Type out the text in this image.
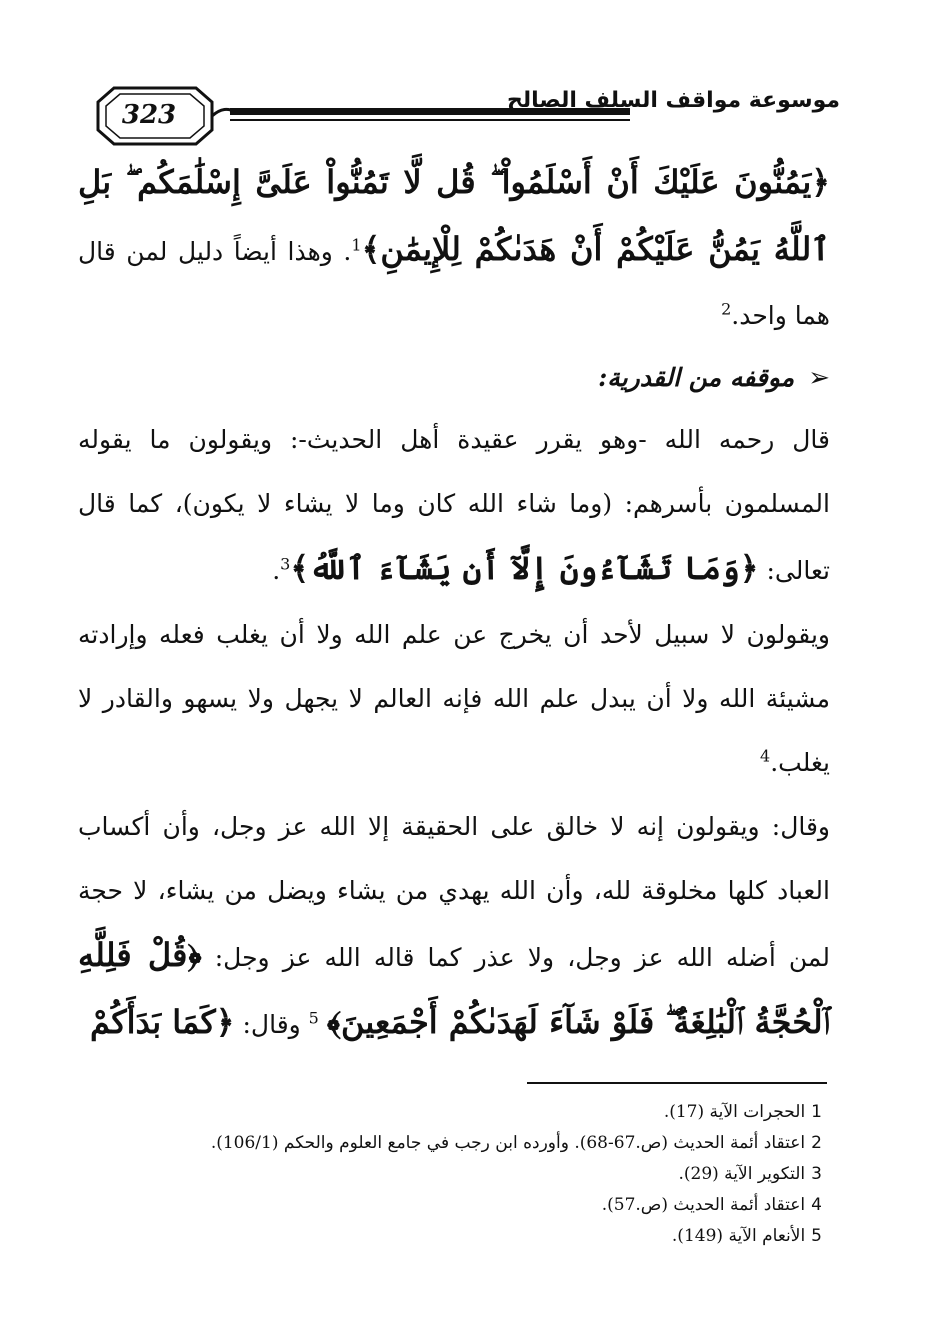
323	موسوعة مواقف السلف الصالح

﴿يَمُنُّونَ عَلَيْكَ أَنْ أَسْلَمُواْ ۖ قُل لَّا تَمُنُّواْ عَلَىَّ إِسْلَٰمَكُم ۖ بَلِ ٱللَّهُ يَمُنُّ عَلَيْكُمْ أَنْ هَدَىٰكُمْ لِلْإِيمَٰنِ﴾$^1$. وهذا أيضاً دليل لمن قال هما واحد.$^2$

➢موقفه من القدرية:

قال رحمه الله -وهو يقرر عقيدة أهل الحديث-: ويقولون ما يقوله المسلمون بأسرهم: (وما شاء الله كان وما لا يشاء لا يكون)، كما قال تعالى: ﴿وَمَا تَشَآءُونَ إِلَّآ أَن يَشَآءَ ٱللَّهُ﴾$^3$.

ويقولون لا سبيل لأحد أن يخرج عن علم الله ولا أن يغلب فعله وإرادته مشيئة الله ولا أن يبدل علم الله فإنه العالم لا يجهل ولا يسهو والقادر لا يغلب.$^4$

وقال: ويقولون إنه لا خالق على الحقيقة إلا الله عز وجل، وأن أكساب العباد كلها مخلوقة لله، وأن الله يهدي من يشاء ويضل من يشاء، لا حجة لمن أضله الله عز وجل، ولا عذر كما قاله الله عز وجل: ﴿قُلْ فَلِلَّهِ ٱلْحُجَّةُ ٱلْبَٰلِغَةُ ۖ فَلَوْ شَآءَ لَهَدَىٰكُمْ أَجْمَعِينَ﴾ $^5$ وقال: ﴿كَمَا بَدَأَكُمْ

1الحجرات الآية (17).

2اعتقاد أئمة الحديث (ص.67-68). وأورده ابن رجب في جامع العلوم والحكم (106/1).

3التكوير الآية (29).

4اعتقاد أئمة الحديث (ص.57).

5الأنعام الآية (149).
